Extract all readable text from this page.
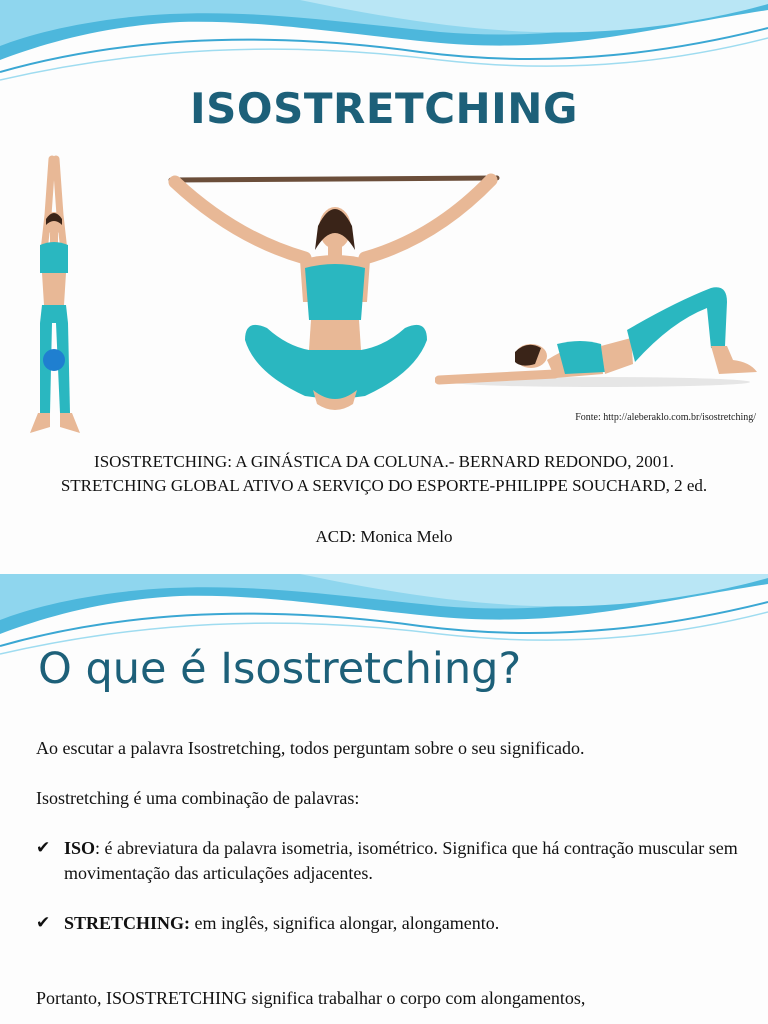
ISOSTRETCHING
Fonte: http://aleberaklo.com.br/isostretching/
ISOSTRETCHING: A GINÁSTICA DA COLUNA.- BERNARD REDONDO, 2001.
STRETCHING GLOBAL ATIVO A SERVIÇO DO ESPORTE-PHILIPPE SOUCHARD, 2 ed.
ACD: Monica Melo
O que é Isostretching?

Ao escutar a palavra Isostretching, todos perguntam sobre o seu significado.

Isostretching é uma combinação de palavras:

✔ ISO: é abreviatura da palavra isometria, isométrico. Significa que há contração muscular sem movimentação das articulações adjacentes.

✔ STRETCHING: em inglês, significa alongar, alongamento.

Portanto, ISOSTRETCHING significa trabalhar o corpo com alongamentos,
